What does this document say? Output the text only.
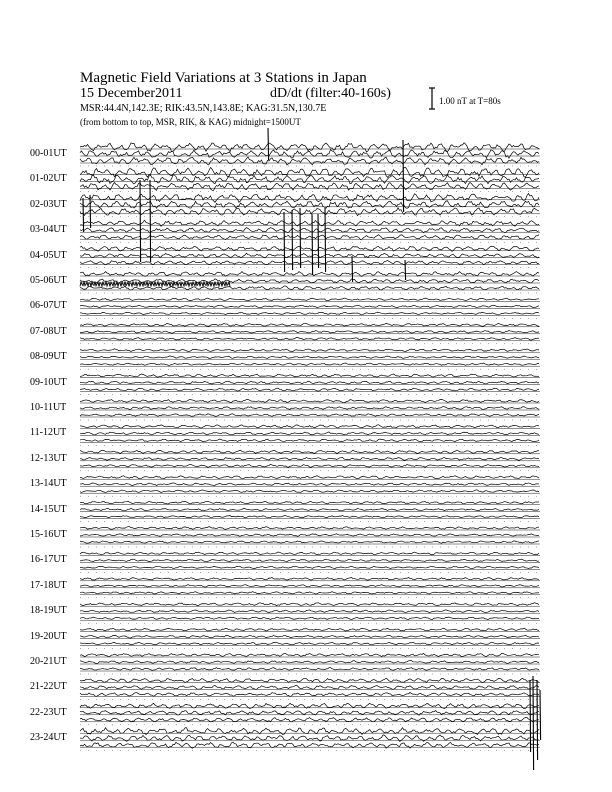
Magnetic Field Variations at 3 Stations in Japan
15 December2011	dD/dt (filter:40-160s)
MSR:44.4N,142.3E; RIK:43.5N,143.8E; KAG:31.5N,130.7E
(from bottom to top, MSR, RIK, & KAG) midnight=1500UT
1.00 nT at T=80s
00-01UT
01-02UT
02-03UT
03-04UT
04-05UT
05-06UT
06-07UT
07-08UT
08-09UT
09-10UT
10-11UT
11-12UT
12-13UT
13-14UT
14-15UT
15-16UT
16-17UT
17-18UT
18-19UT
19-20UT
20-21UT
21-22UT
22-23UT
23-24UT
